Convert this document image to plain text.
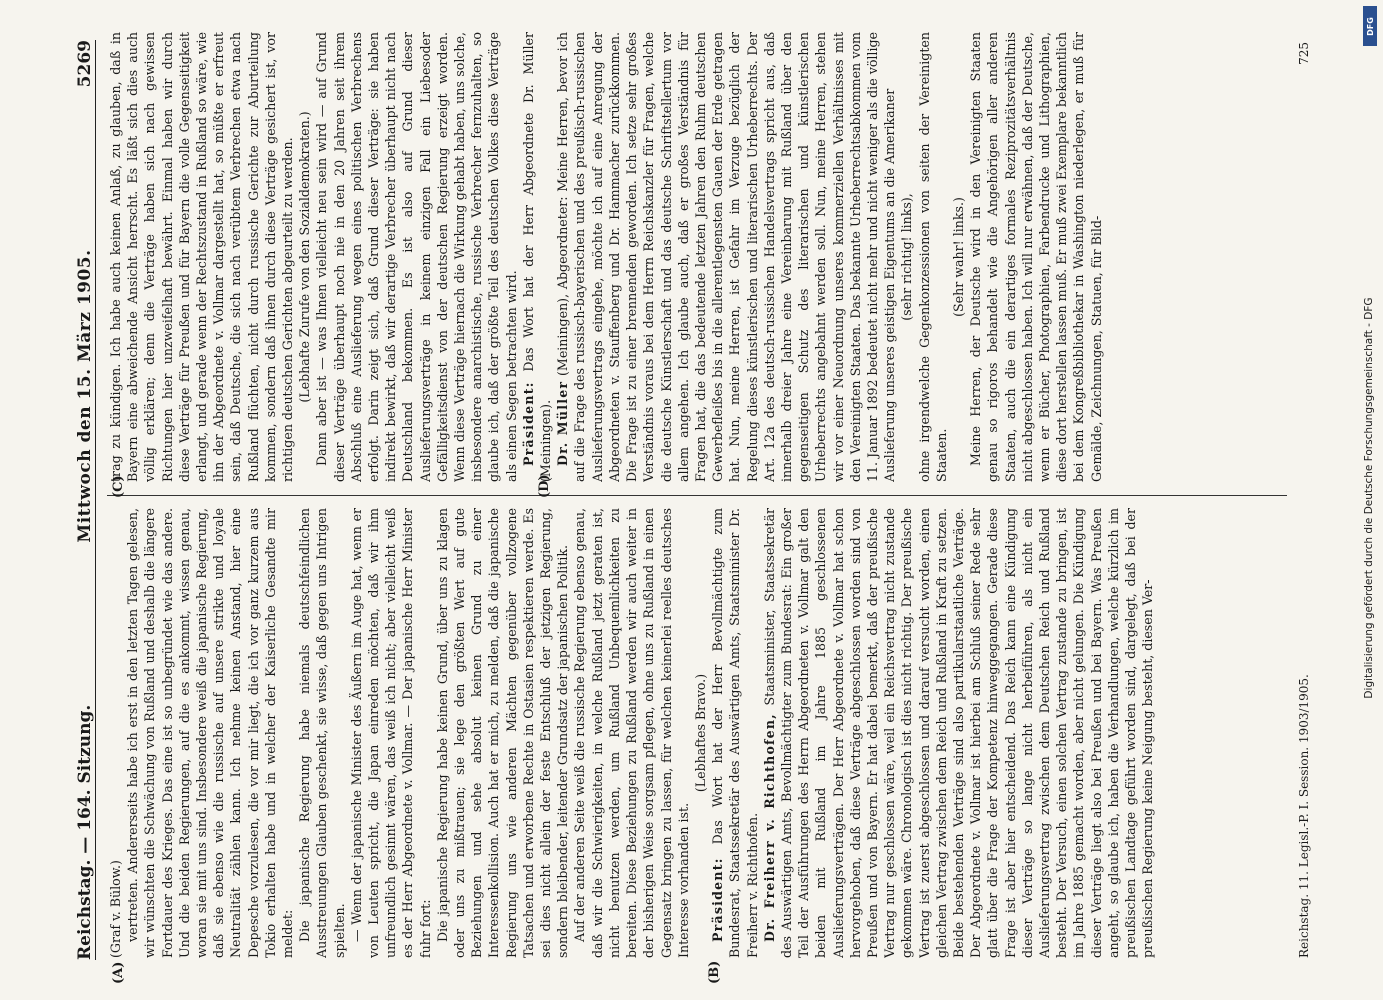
Reichstag. — 164. Sitzung.
Mittwoch den 15. März 1905.
5269

(Graf v. Bülow.) vertreten. Andererseits habe ich erst in den letzten Tagen gelesen, wir wünschten die Schwächung von Rußland und deshalb die längere Fortdauer des Krieges. Das eine ist so unbegründet wie das andere. Und die beiden Regierungen, auf die es ankommt, wissen genau, woran sie mit uns sind. Insbesondere weiß die japanische Regierung, daß sie ebenso wie die russische auf unsere strikte und loyale Neutralität zählen kann. Ich nehme keinen Anstand, hier eine Depesche vorzulesen, die vor mir liegt, die ich vor ganz kurzem aus Tokio erhalten habe und in welcher der Kaiserliche Gesandte mir meldet: Die japanische Regierung habe niemals deutschfeindlichen Ausstreuungen Glauben geschenkt, sie wisse, daß gegen uns Intrigen spielten. — Wenn der japanische Minister des Äußern im Auge hat, wenn er von Leuten spricht, die Japan einreden möchten, daß wir ihm unfreundlich gesinnt wären, das weiß ich nicht; aber vielleicht weiß es der Herr Abgeordnete v. Vollmar. — Der japanische Herr Minister fuhr fort: Die japanische Regierung habe keinen Grund, über uns zu klagen oder uns zu mißtrauen; sie lege den größten Wert auf gute Beziehungen und sehe absolut keinen Grund zu einer Interessenkollision. Auch hat er mich, zu melden, daß die japanische Regierung uns wie anderen Mächten gegenüber vollzogene Tatsachen und erworbene Rechte in Ostasien respektieren werde. Es sei dies nicht allein der feste Entschluß der jetzigen Regierung, sondern bleibender, leitender Grundsatz der japanischen Politik. Auf der anderen Seite weiß die russische Regierung ebenso genau, daß wir die Schwierigkeiten, in welche Rußland jetzt geraten ist, nicht benutzen werden, um Rußland Unbequemlichkeiten zu bereiten. Diese Beziehungen zu Rußland werden wir auch weiter in der bisherigen Weise sorgsam pflegen, ohne uns zu Rußland in einen Gegensatz bringen zu lassen, für welchen keinerlei reelles deutsches Interesse vorhanden ist.

(Lebhaftes Bravo.)

Präsident: Das Wort hat der Herr Bevollmächtigte zum Bundesrat, Staatssekretär des Auswärtigen Amts, Staatsminister Dr. Freiherr v. Richthofen. Dr. Freiherr v. Richthofen, Staatsminister, Staatssekretär des Auswärtigen Amts, Bevollmächtigter zum Bundesrat: Ein großer Teil der Ausführungen des Herrn Abgeordneten v. Vollmar galt den beiden mit Rußland im Jahre 1885 geschlossenen Auslieferungsverträgen. Der Herr Abgeordnete v. Vollmar hat schon hervorgehoben, daß diese Verträge abgeschlossen worden sind von Preußen und von Bayern. Er hat dabei bemerkt, daß der preußische Vertrag nur geschlossen wäre, weil ein Reichsvertrag nicht zustande gekommen wäre. Chronologisch ist dies nicht richtig. Der preußische Vertrag ist zuerst abgeschlossen und darauf versucht worden, einen gleichen Vertrag zwischen dem Reich und Rußland in Kraft zu setzen. Beide bestehenden Verträge sind also partikularstaatliche Verträge. Der Abgeordnete v. Vollmar ist hierbei am Schluß seiner Rede sehr glatt über die Frage der Kompetenz hinweggegangen. Gerade diese Frage ist aber hier entscheidend. Das Reich kann eine Kündigung dieser Verträge so lange nicht herbeiführen, als nicht ein Auslieferungsvertrag zwischen dem Deutschen Reich und Rußland besteht. Der Versuch, einen solchen Vertrag zustande zu bringen, ist im Jahre 1885 gemacht worden, aber nicht gelungen. Die Kündigung dieser Verträge liegt also bei Preußen und bei Bayern. Was Preußen angeht, so glaube ich, haben die Verhandlungen, welche kürzlich im preußischen Landtage geführt worden sind, dargelegt, daß bei der preußischen Regierung keine Neigung besteht, diesen Ver-

trag zu kündigen. Ich habe auch keinen Anlaß, zu glauben, daß in Bayern eine abweichende Ansicht herrscht. Es läßt sich dies auch völlig erklären; denn die Verträge haben sich nach gewissen Richtungen hier unzweifelhaft bewährt. Einmal haben wir durch diese Verträge für Preußen und für Bayern die volle Gegenseitigkeit erlangt, und gerade wenn der Rechtszustand in Rußland so wäre, wie ihn der Abgeordnete v. Vollmar dargestellt hat, so müßte er erfreut sein, daß Deutsche, die sich nach verübtem Verbrechen etwa nach Rußland flüchten, nicht durch russische Gerichte zur Aburteilung kommen, sondern daß ihnen durch diese Verträge gesichert ist, vor richtigen deutschen Gerichten abgeurteilt zu werden. (Lebhafte Zurufe von den Sozialdemokraten.) Dann aber ist — was Ihnen vielleicht neu sein wird — auf Grund dieser Verträge überhaupt noch nie in den 20 Jahren seit ihrem Abschluß eine Auslieferung wegen eines politischen Verbrechens erfolgt. Darin zeigt sich, daß Grund dieser Verträge: sie haben indirekt bewirkt, daß wir derartige Verbrecher überhaupt nicht nach Deutschland bekommen. Es ist also auf Grund dieser Auslieferungsverträge in keinem einzigen Fall ein Liebesoder Gefälligkeitsdienst von der deutschen Regierung erzeigt worden. Wenn diese Verträge hiernach die Wirkung gehabt haben, uns solche, insbesondere anarchistische, russische Verbrecher fernzuhalten, so glaube ich, daß der größte Teil des deutschen Volkes diese Verträge als einen Segen betrachten wird. Präsident: Das Wort hat der Herr Abgeordnete Dr. Müller (Meiningen). Dr. Müller (Meiningen), Abgeordneter: Meine Herren, bevor ich auf die Frage des russisch-bayerischen und des preußisch-russischen Auslieferungsvertrags eingehe, möchte ich auf eine Anregung der Abgeordneten v. Stauffenberg und Dr. Hammacher zurückkommen. Die Frage ist zu einer brennenden geworden. Ich setze sehr großes Verständnis voraus bei dem Herrn Reichskanzler für Fragen, welche die deutsche Künstlerschaft und das deutsche Schriftstellertum vor allem angehen. Ich glaube auch, daß er großes Verständnis für Fragen hat, die das bedeutende letzten Jahren den Ruhm deutschen Gewerbefleißes bis in die allerentlegensten Gauen der Erde getragen hat. Nun, meine Herren, ist Gefahr im Verzuge bezüglich der Regelung dieses künstlerischen und literarischen Urheberrechts. Der Art. 12a des deutsch-russischen Handelsvertrags spricht aus, daß innerhalb dreier Jahre eine Vereinbarung mit Rußland über den gegenseitigen Schutz des literarischen und künstlerischen Urheberrechts angebahnt werden soll. Nun, meine Herren, stehen wir vor einer Neuordnung unseres kommerziellen Verhältnisses mit den Vereinigten Staaten. Das bekannte Urheberrechtsabkommen vom 11. Januar 1892 bedeutet nicht mehr und nicht weniger als die völlige Auslieferung unseres geistigen Eigentums an die Amerikaner (sehr richtig! links), ohne irgendwelche Gegenkonzessionen von seiten der Vereinigten Staaten.

(Sehr wahr! links.) Meine Herren, der Deutsche wird in den Vereinigten Staaten genau so rigoros behandelt wie die Angehörigen aller anderen Staaten, auch die ein derartiges formales Reziprozitätsverhältnis nicht abgeschlossen haben. Ich will nur erwähnen, daß der Deutsche, wenn er Bücher, Photographien, Farbendrucke und Lithographien, diese dort herstellen lassen muß. Er muß zwei Exemplare bekanntlich bei dem Kongreßbibliothekar in Washington niederlegen, er muß für Gemälde, Zeichnungen, Statuen, für Bild-

(A)	(B)
(C)	(D)
Reichstag. 11. Legisl.-P. I. Session. 1903/1905.
725
Digitalisierung gefördert durch die Deutsche Forschungsgemeinschaft - DFG
DFG
